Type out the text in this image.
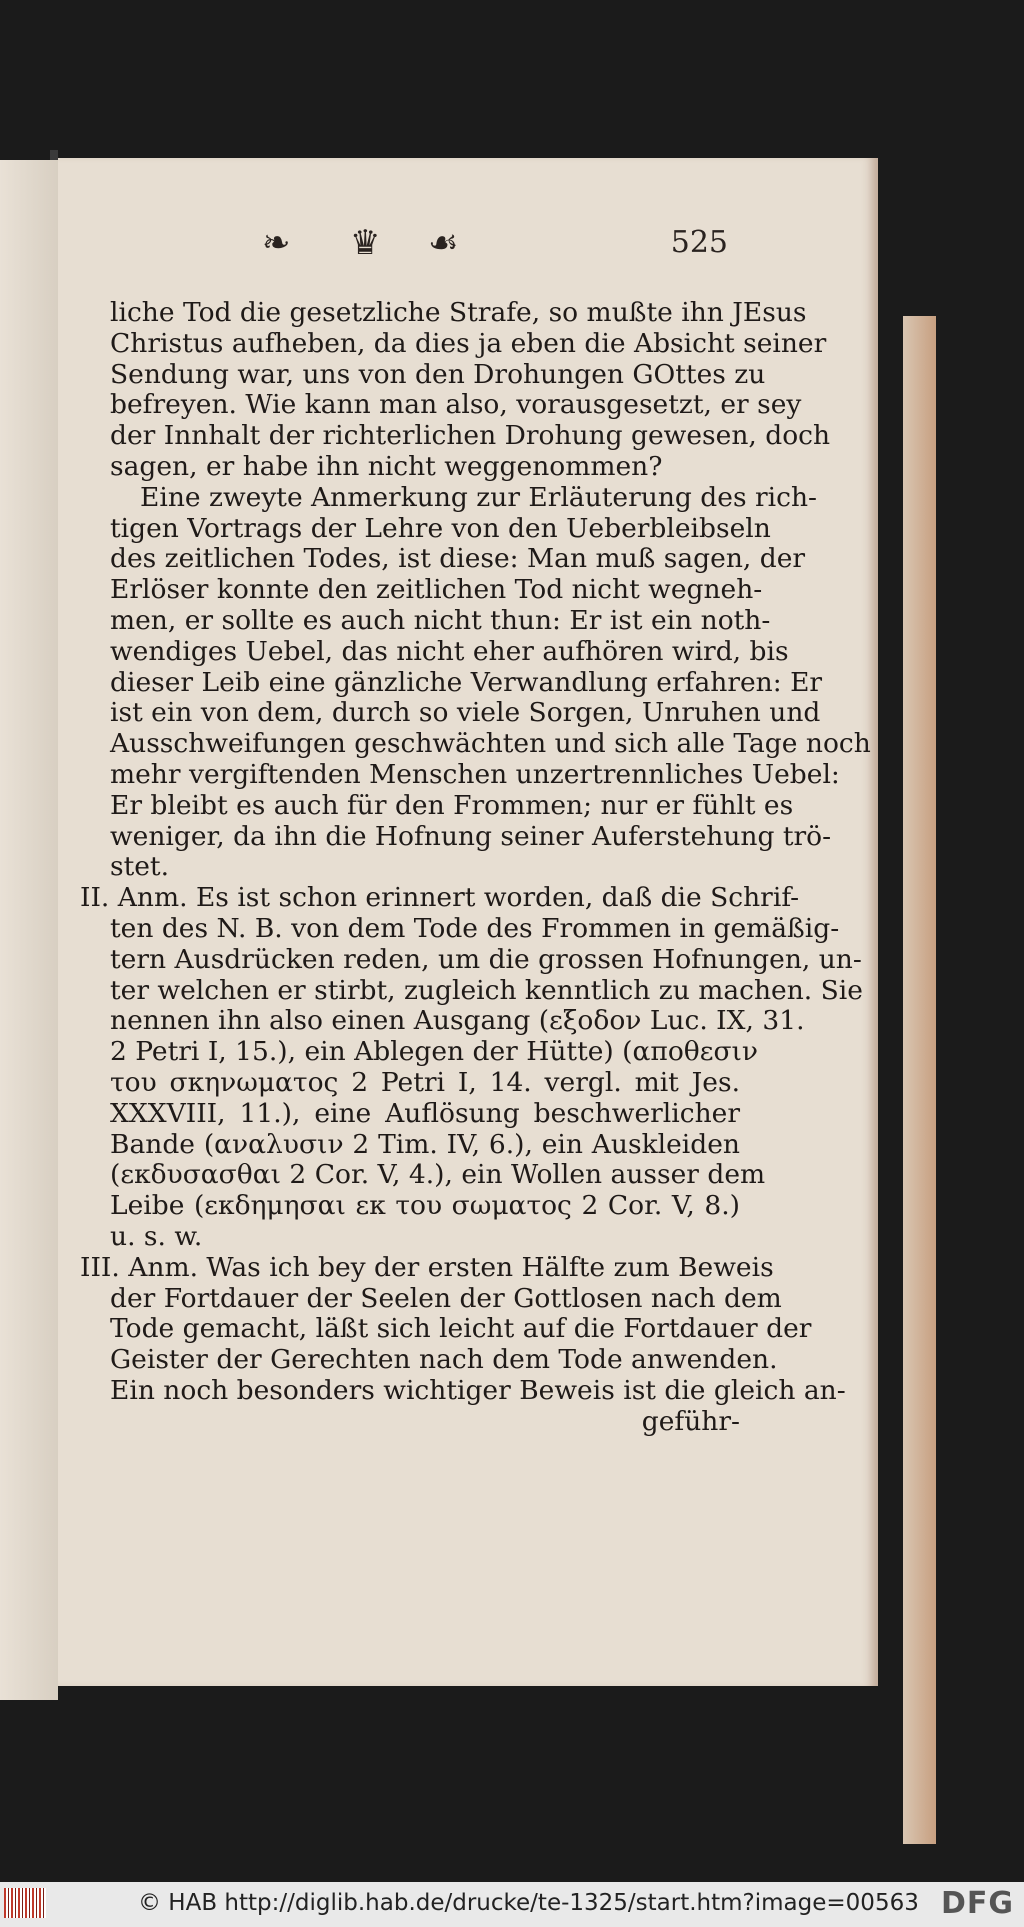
❧ ♛ ☙	525
liche Tod die gesetzliche Strafe, so mußte ihn JEsus
Christus aufheben, da dies ja eben die Absicht seiner
Sendung war, uns von den Drohungen GOttes zu
befreyen. Wie kann man also, vorausgesetzt, er sey
der Innhalt der richterlichen Drohung gewesen, doch
sagen, er habe ihn nicht weggenommen?
Eine zweyte Anmerkung zur Erläuterung des rich-
tigen Vortrags der Lehre von den Ueberbleibseln
des zeitlichen Todes, ist diese: Man muß sagen, der
Erlöser konnte den zeitlichen Tod nicht wegneh-
men, er sollte es auch nicht thun: Er ist ein noth-
wendiges Uebel, das nicht eher aufhören wird, bis
dieser Leib eine gänzliche Verwandlung erfahren: Er
ist ein von dem, durch so viele Sorgen, Unruhen und
Ausschweifungen geschwächten und sich alle Tage noch
mehr vergiftenden Menschen unzertrennliches Uebel:
Er bleibt es auch für den Frommen; nur er fühlt es
weniger, da ihn die Hofnung seiner Auferstehung trö-
stet.
II. Anm. Es ist schon erinnert worden, daß die Schrif-
ten des N. B. von dem Tode des Frommen in gemäßig-
tern Ausdrücken reden, um die grossen Hofnungen, un-
ter welchen er stirbt, zugleich kenntlich zu machen. Sie
nennen ihn also einen Ausgang (εξοδον Luc. IX, 31.
2 Petri I, 15.), ein Ablegen der Hütte) (αποθεσιν
του σκηνωματος 2 Petri I, 14. vergl. mit Jes.
XXXVIII, 11.), eine Auflösung beschwerlicher
Bande (αναλυσιν 2 Tim. IV, 6.), ein Auskleiden
(εκδυσασθαι 2 Cor. V, 4.), ein Wollen ausser dem
Leibe (εκδημησαι εκ του σωματος 2 Cor. V, 8.)
u. s. w.
III. Anm. Was ich bey der ersten Hälfte zum Beweis
der Fortdauer der Seelen der Gottlosen nach dem
Tode gemacht, läßt sich leicht auf die Fortdauer der
Geister der Gerechten nach dem Tode anwenden.
Ein noch besonders wichtiger Beweis ist die gleich an-
geführ-
© HAB http://diglib.hab.de/drucke/te-1325/start.htm?image=00563 DFG
